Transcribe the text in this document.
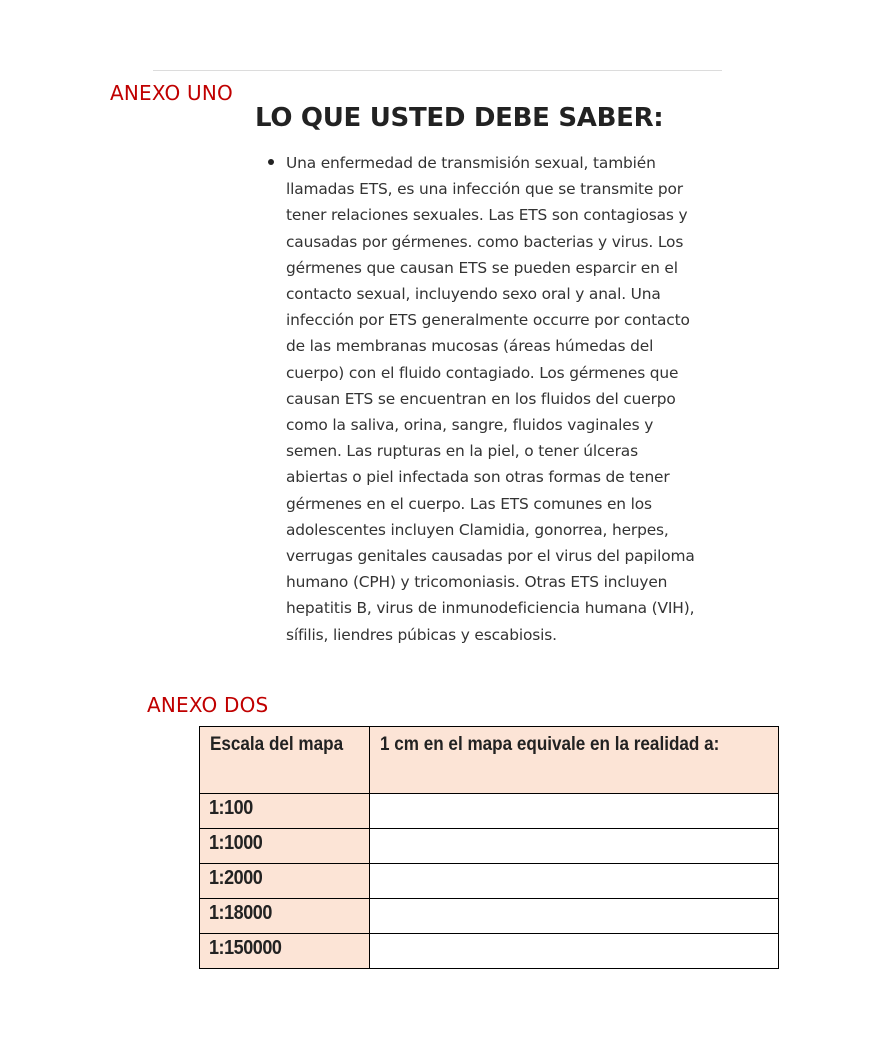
ANEXO UNO
LO QUE USTED DEBE SABER:
Una enfermedad de transmisión sexual, también llamadas ETS, es una infección que se transmite por tener relaciones sexuales. Las ETS son contagiosas y causadas por gérmenes. como bacterias y virus. Los gérmenes que causan ETS se pueden esparcir en el contacto sexual, incluyendo sexo oral y anal. Una infección por ETS generalmente occurre por contacto de las membranas mucosas (áreas húmedas del cuerpo) con el fluido contagiado. Los gérmenes que causan ETS se encuentran en los fluidos del cuerpo como la saliva, orina, sangre, fluidos vaginales y semen. Las rupturas en la piel, o tener úlceras abiertas o piel infectada son otras formas de tener gérmenes en el cuerpo. Las ETS comunes en los adolescentes incluyen Clamidia, gonorrea, herpes, verrugas genitales causadas por el virus del papiloma humano (CPH) y tricomoniasis. Otras ETS incluyen hepatitis B, virus de inmunodeficiencia humana (VIH), sífilis, liendres púbicas y escabiosis.
ANEXO DOS
Escala del mapa	1 cm en el mapa equivale en la realidad a:
1:100	
1:1000	
1:2000	
1:18000	
1:150000	
